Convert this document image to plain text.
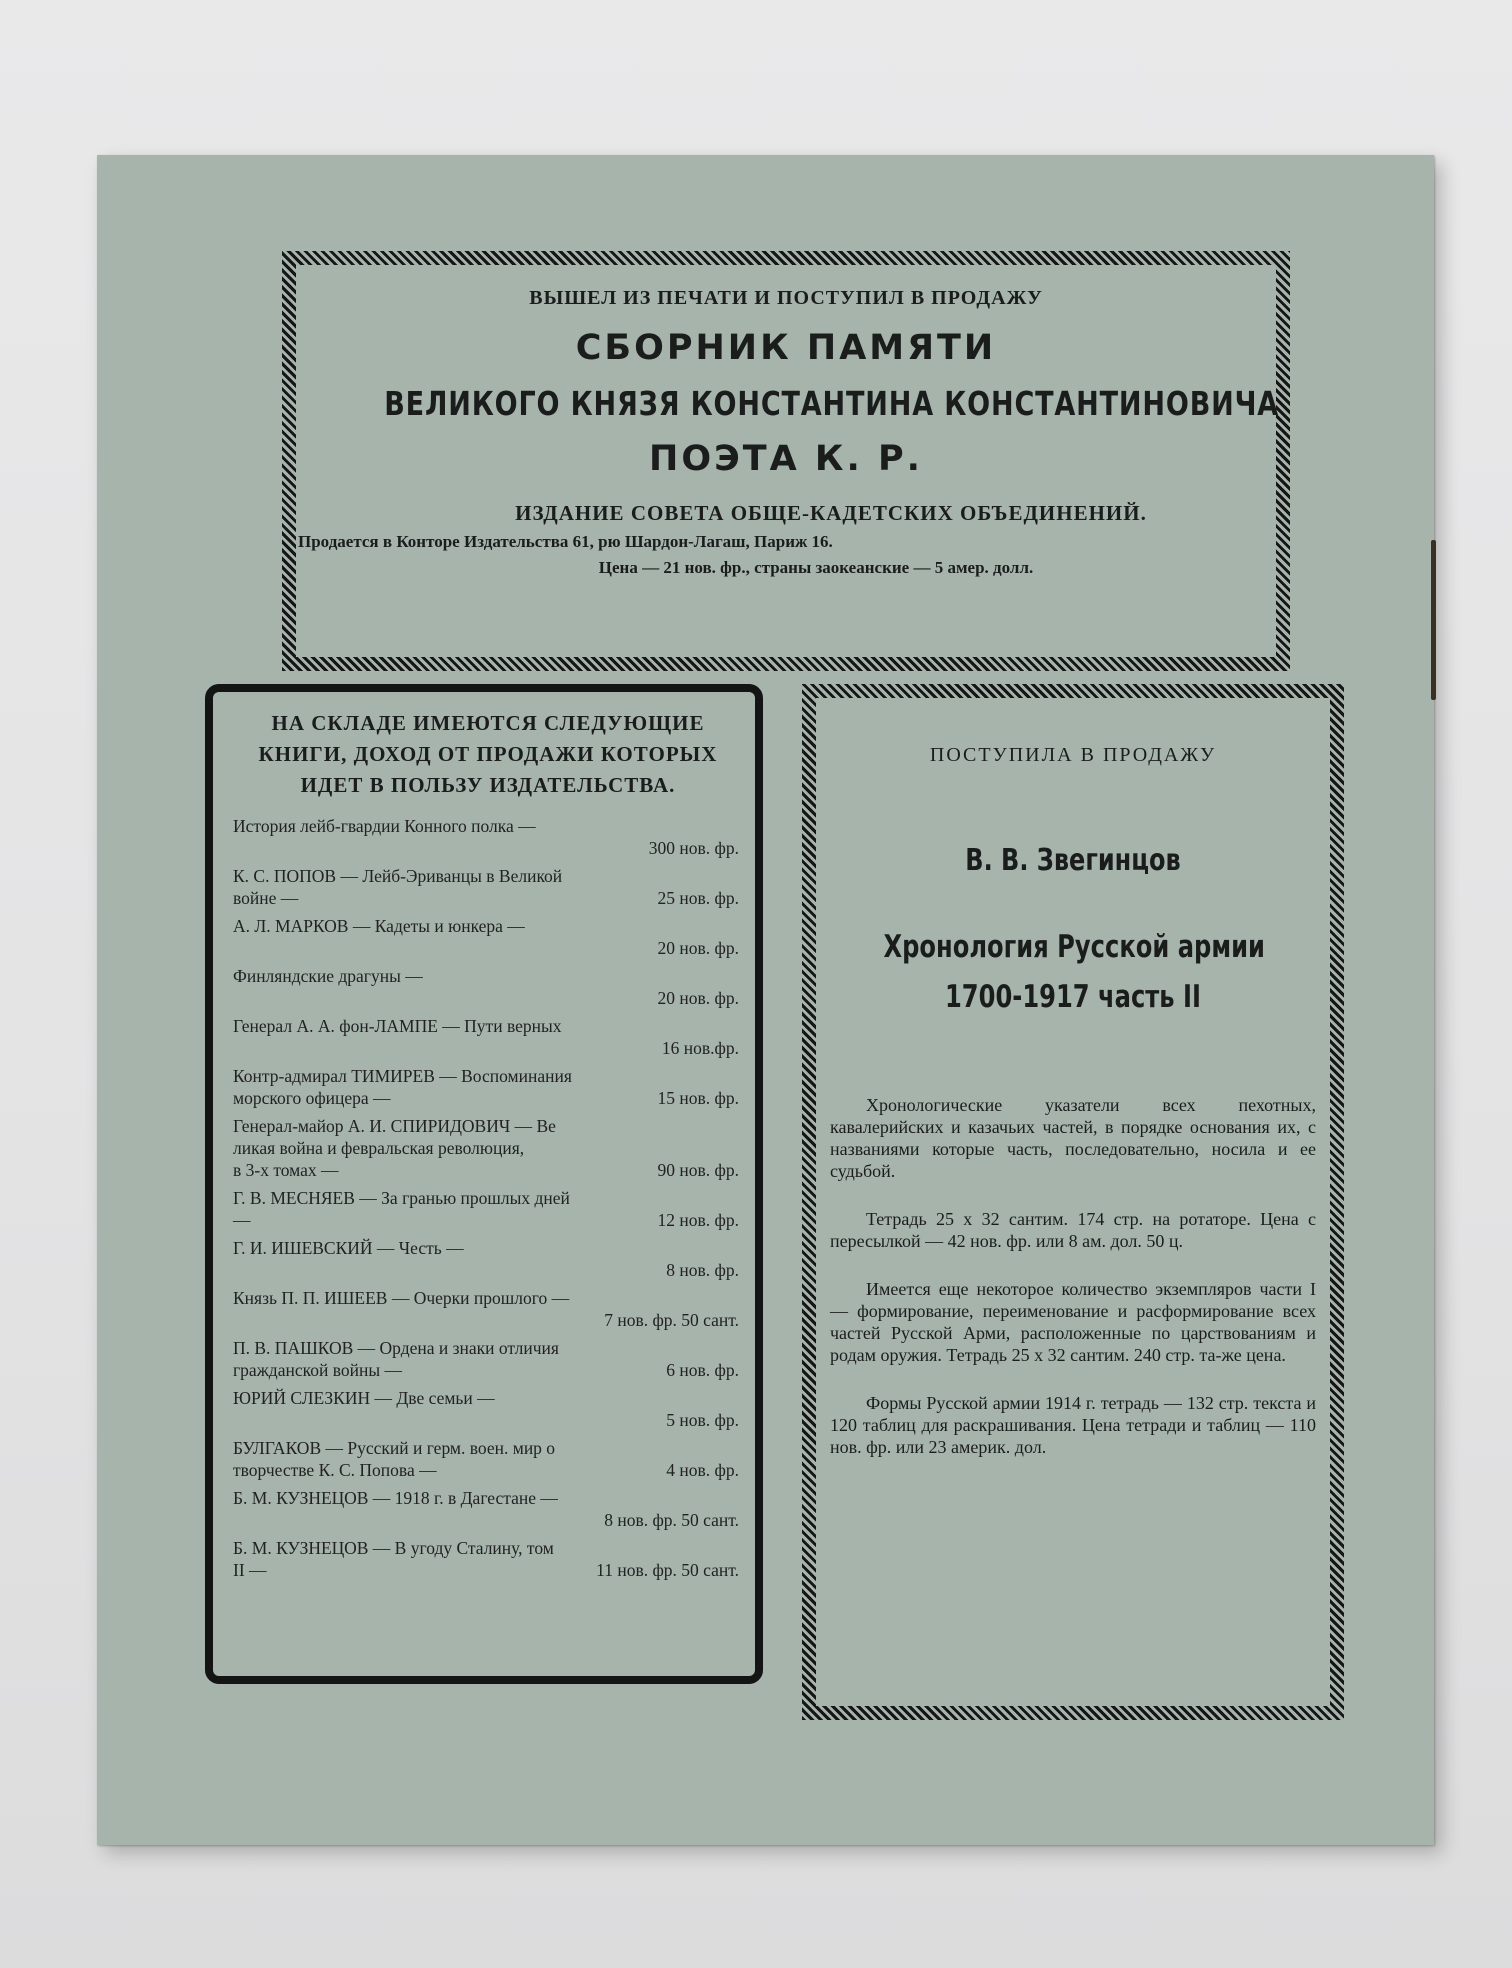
ВЫШЕЛ ИЗ ПЕЧАТИ И ПОСТУПИЛ В ПРОДАЖУ
СБОРНИК ПАМЯТИ
ВЕЛИКОГО КНЯЗЯ КОНСТАНТИНА КОНСТАНТИНОВИЧА
ПОЭТА К. Р.
ИЗДАНИЕ СОВЕТА ОБЩЕ-КАДЕТСКИХ ОБЪЕДИНЕНИЙ.
Продается в Конторе Издательства 61, рю Шардон-Лагаш, Париж 16.
Цена — 21 нов. фр., страны заокеанские — 5 амер. долл.
НА СКЛАДЕ ИМЕЮТСЯ СЛЕДУЮЩИЕ
КНИГИ, ДОХОД ОТ ПРОДАЖИ КОТОРЫХ
ИДЕТ В ПОЛЬЗУ ИЗДАТЕЛЬСТВА.
История лейб-гвардии Конного полка —
300 нов. фр.
К. С. ПОПОВ — Лейб-Эриванцы в Великой
войне —	25 нов. фр.
А. Л. МАРКОВ — Кадеты и юнкера —
20 нов. фр.
Финляндские драгуны —
20 нов. фр.
Генерал А. А. фон-ЛАМПЕ — Пути верных
16 нов.фр.
Контр-адмирал ТИМИРЕВ — Воспоминания
морского офицера —	15 нов. фр.
Генерал-майор А. И. СПИРИДОВИЧ — Ве
ликая война и февральская революция,
в 3-х томах —	90 нов. фр.
Г. В. МЕСНЯЕВ — За гранью прошлых дней
—	12 нов. фр.
Г. И. ИШЕВСКИЙ — Честь —
8 нов. фр.
Князь П. П. ИШЕЕВ — Очерки прошлого —
7 нов. фр. 50 сант.
П. В. ПАШКОВ — Ордена и знаки отличия
гражданской войны —	6 нов. фр.
ЮРИЙ СЛЕЗКИН — Две семьи —
5 нов. фр.
БУЛГАКОВ — Русский и герм. воен. мир о
творчестве К. С. Попова —	4 нов. фр.
Б. М. КУЗНЕЦОВ — 1918 г. в Дагестане —
8 нов. фр. 50 сант.
Б. М. КУЗНЕЦОВ — В угоду Сталину, том
II —	11 нов. фр. 50 сант.
ПОСТУПИЛА В ПРОДАЖУ
В. В. Звегинцов
Хронология Русской армии
1700-1917 часть II
Хронологические указатели всех пехотных, кавалерийских и казачьих частей, в порядке основания их, с названиями которые часть, последовательно, носила и ее судьбой.
Тетрадь 25 х 32 сантим. 174 стр. на ротаторе. Цена с пересылкой — 42 нов. фр. или 8 ам. дол. 50 ц.
Имеется еще некоторое количество экземпляров части I — формирование, переименование и расформирование всех частей Русской Арми, расположенные по царствованиям и родам оружия. Тетрадь 25 х 32 сантим. 240 стр. та-же цена.
Формы Русской армии 1914 г. тетрадь — 132 стр. текста и 120 таблиц для раскрашивания. Цена тетради и таблиц — 110 нов. фр. или 23 америк. дол.
